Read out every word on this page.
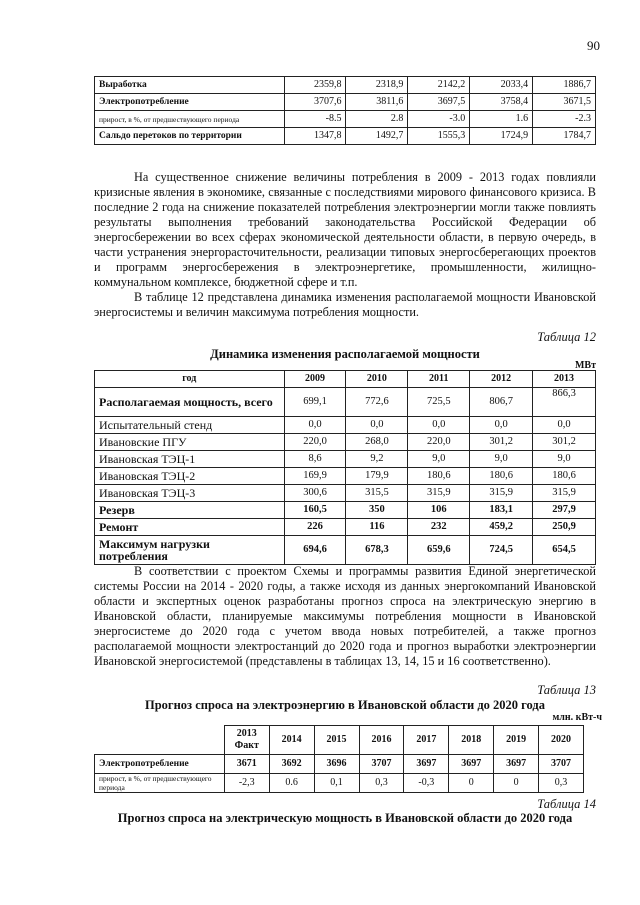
90
Выработка	2359,8	2318,9	2142,2	2033,4	1886,7
Электропотребление	3707,6	3811,6	3697,5	3758,4	3671,5
прирост, в %, от предшествующего периода	-8.5	2.8	-3.0	1.6	-2.3
Сальдо перетоков по территории	1347,8	1492,7	1555,3	1724,9	1784,7

На существенное снижение величины потребления в 2009 - 2013 годах повлияли кризисные явления в экономике, связанные с последствиями мирового финансового кризиса. В последние 2 года на снижение показателей потребления электроэнергии могли также повлиять результаты выполнения требований законодательства Российской Федерации об энергосбережении во всех сферах экономической деятельности области, в первую очередь, в части устранения энергорасточительности, реализации типовых энергосберегающих проектов и программ энергосбережения в электроэнергетике, промышленности, жилищно-коммунальном комплексе, бюджетной сфере и т.п.

В таблице 12 представлена динамика изменения располагаемой мощности Ивановской энергосистемы и величин максимума потребления мощности.

Таблица 12
Динамика изменения располагаемой мощности
МВт
год	2009	2010	2011	2012	2013
Располагаемая мощность, всего	699,1	772,6	725,5	806,7	866,3
Испытательный стенд	0,0	0,0	0,0	0,0	0,0
Ивановские ПГУ	220,0	268,0	220,0	301,2	301,2
Ивановская ТЭЦ-1	8,6	9,2	9,0	9,0	9,0
Ивановская ТЭЦ-2	169,9	179,9	180,6	180,6	180,6
Ивановская ТЭЦ-3	300,6	315,5	315,9	315,9	315,9
Резерв	160,5	350	106	183,1	297,9
Ремонт	226	116	232	459,2	250,9
Максимум нагрузки потребления	694,6	678,3	659,6	724,5	654,5

В соответствии с проектом Схемы и программы развития Единой энергетической системы России на 2014 - 2020 годы, а также исходя из данных энергокомпаний Ивановской области и экспертных оценок разработаны прогноз спроса на электрическую энергию в Ивановской области, планируемые максимумы потребления мощности в Ивановской энергосистеме до 2020 года с учетом ввода новых потребителей, а также прогноз располагаемой мощности электростанций до 2020 года и прогноз выработки электроэнергии Ивановской энергосистемой (представлены в таблицах 13, 14, 15 и 16 соответственно).

Таблица 13
Прогноз спроса на электроэнергию в Ивановской области до 2020 года
млн. кВт-ч
	2013 Факт	2014	2015	2016	2017	2018	2019	2020
Электропотребление	3671	3692	3696	3707	3697	3697	3697	3707
прирост, в %, от предшествующего периода	-2,3	0.6	0,1	0,3	-0,3	0	0	0,3
Таблица 14
Прогноз спроса на электрическую мощность в Ивановской области до 2020 года
